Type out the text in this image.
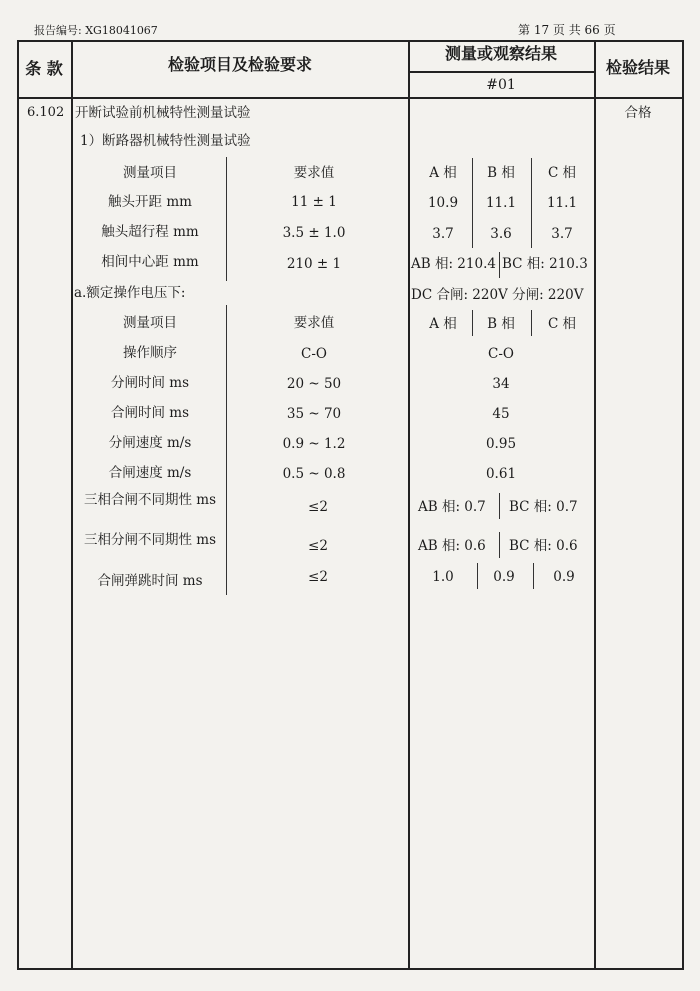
报告编号: XG18041067	第 17 页 共 66 页
条 款	检验项目及检验要求
测量或观察结果
#01
检验结果
6.102 开断试验前机械特性测量试验	合格
1）断路器机械特性测量试验
测量项目	要求值	A 相 B 相 C 相
触头开距 mm	11 ± 1	10.9 11.1 11.1
触头超行程 mm	3.5 ± 1.0	3.7	3.6	3.7
相间中心距 mm	210 ± 1	AB 相: 210.4 BC 相: 210.3
a.额定操作电压下:	DC 合闸: 220V 分闸: 220V
测量项目	要求值	A 相 B 相 C 相
操作顺序	C-O	C-O
分闸时间 ms	20 ~ 50	34
合闸时间 ms	35 ~ 70	45
分闸速度 m/s	0.9 ~ 1.2	0.95
合闸速度 m/s	0.5 ~ 0.8	0.61
三相合闸不同期性 ms	≤2	AB 相: 0.7 BC 相: 0.7
三相分闸不同期性 ms	≤2	AB 相: 0.6 BC 相: 0.6
合闸弹跳时间 ms	≤2	1.0	0.9	0.9
